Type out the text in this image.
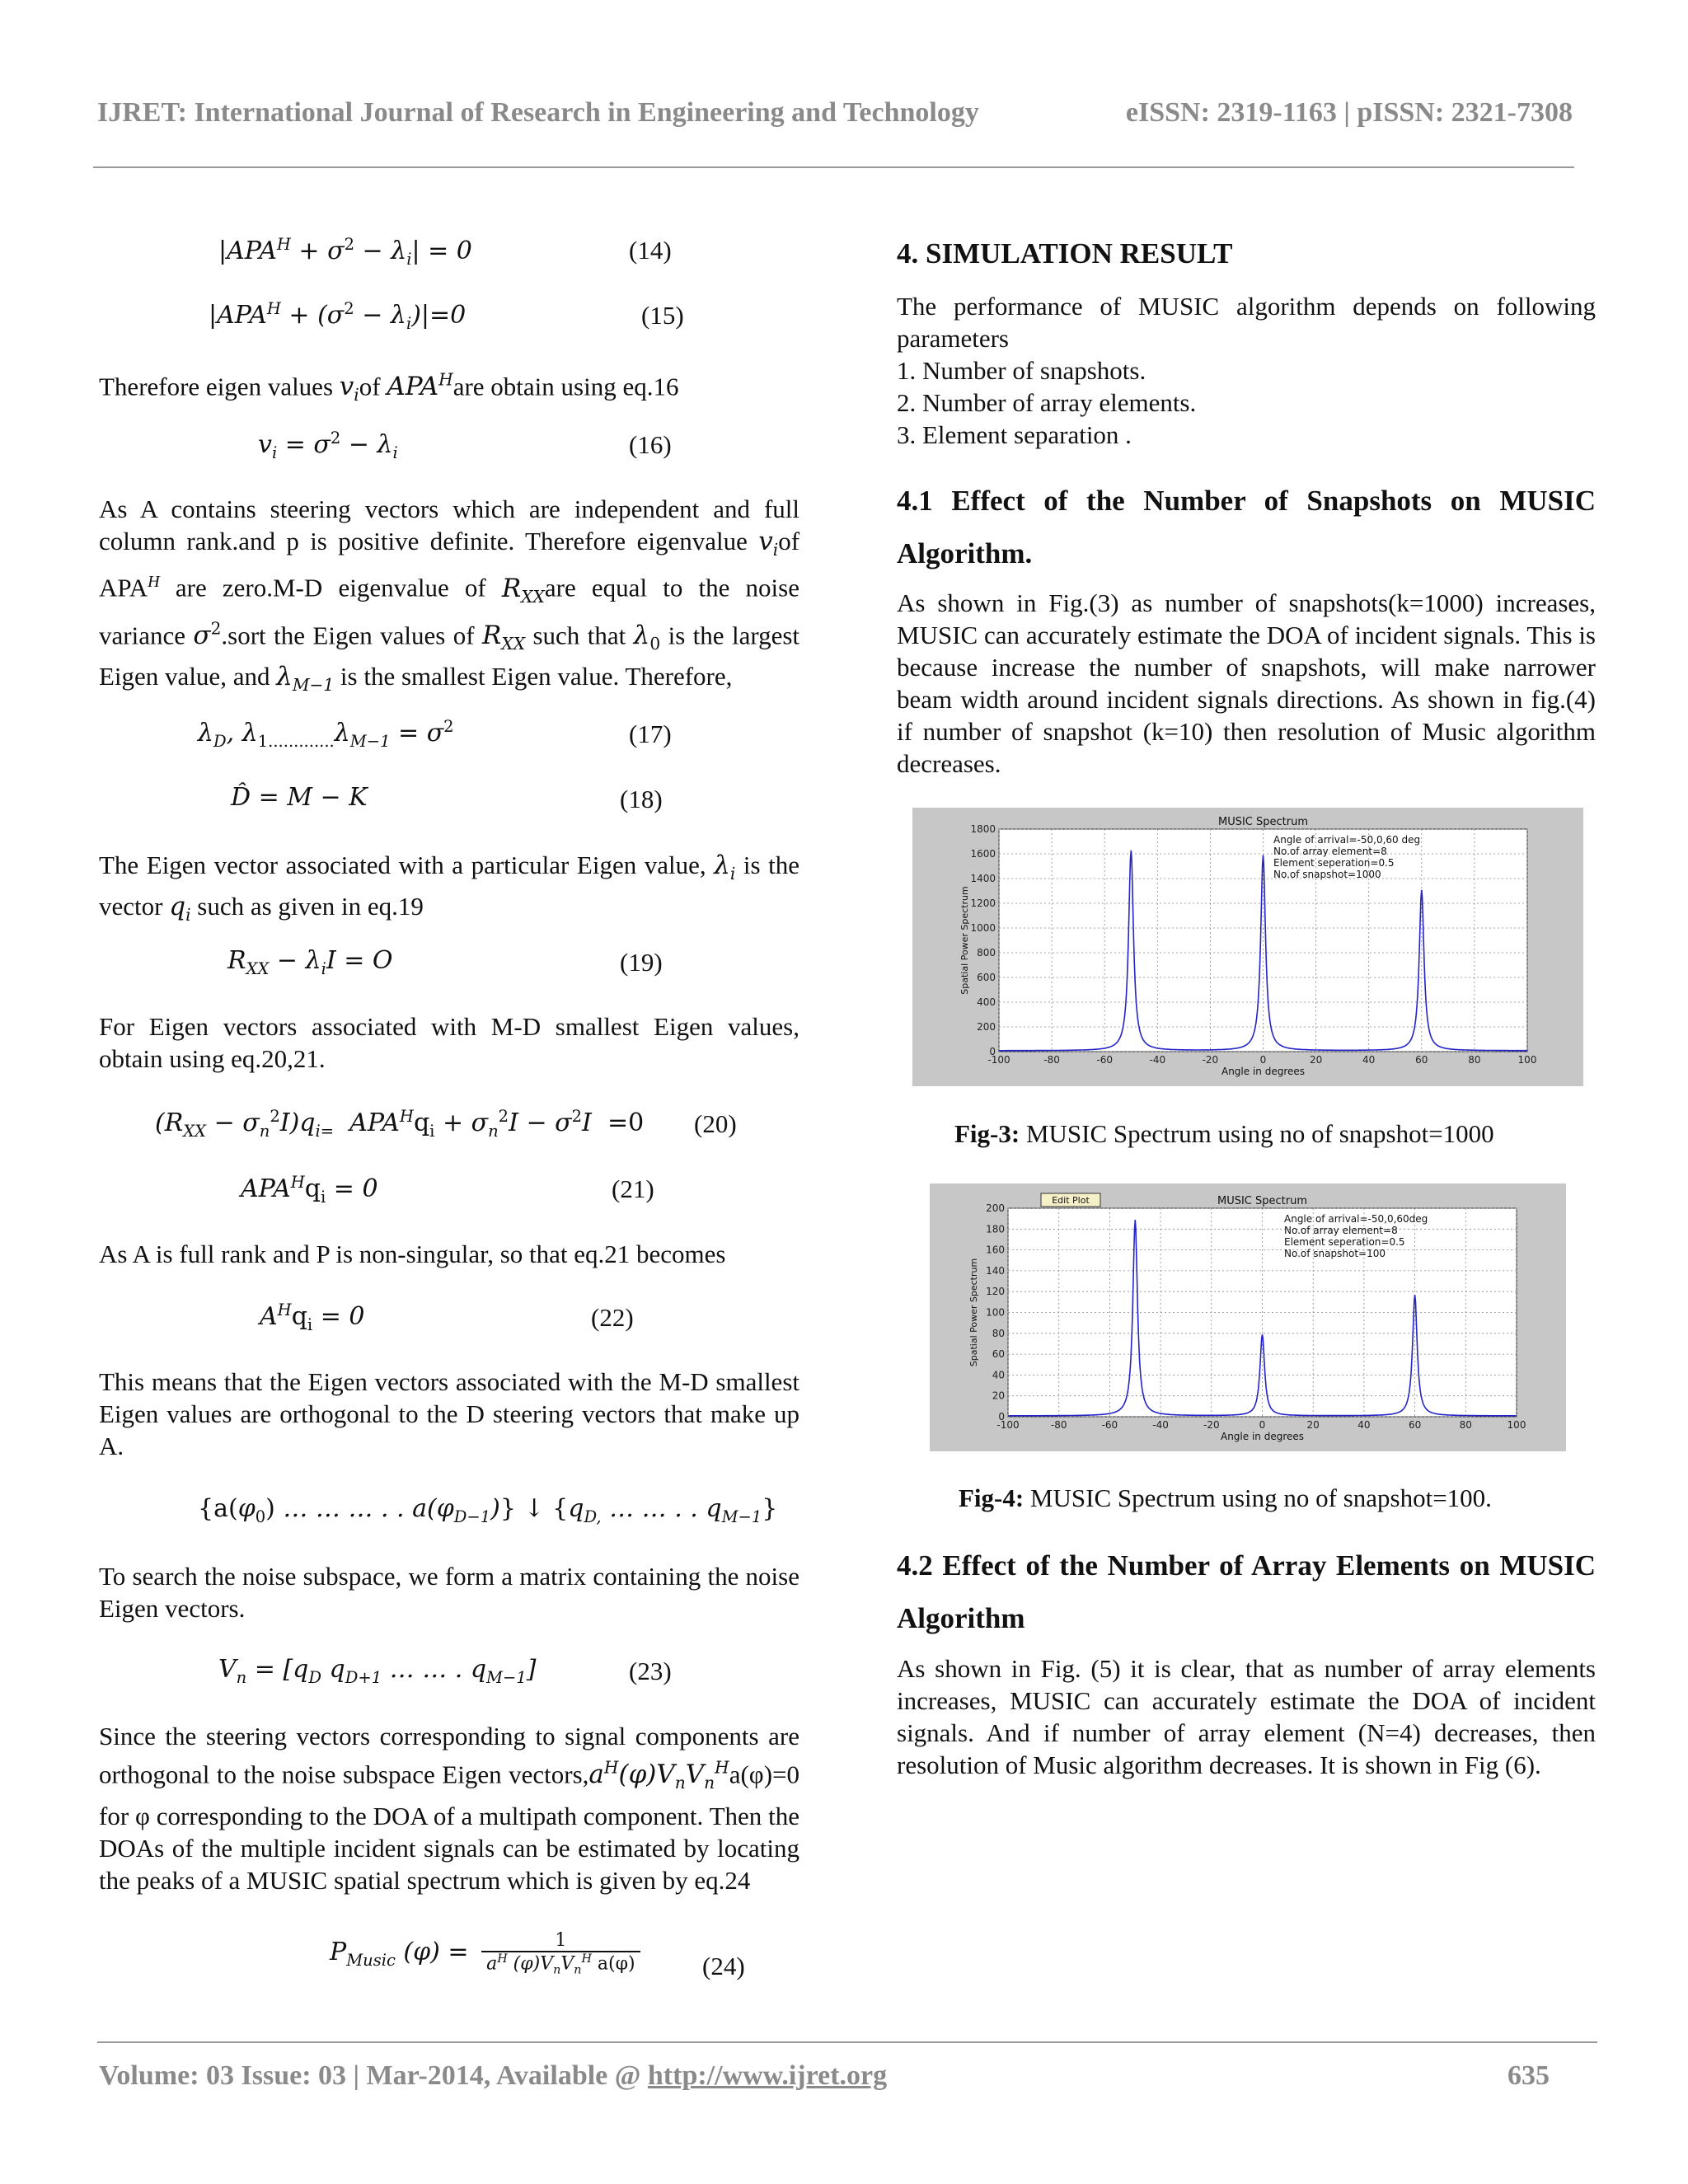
IJRET: International Journal of Research in Engineering and Technology	eISSN: 2319-1163 | pISSN: 2321-7308
$|APA^H + \sigma^2 - \lambda_i| = 0$	(14)
$|APA^H + (\sigma^2 - \lambda_i)|=0$	(15)
Therefore eigen values $v_iof$ $APA^Hare$ obtain using eq.16
$v_i = \sigma^2 - \lambda_i$	(16)

As A contains steering vectors which are independent and full column rank.and p is positive definite. Therefore eigenvalue $v_iof$ $APA^H$ are zero.M-D eigenvalue of $R_{XX}are$ equal to the noise variance $\sigma^2.sort$ the Eigen values of $R_{XX}$ such that $\lambda_0$ is the largest Eigen value, and $\lambda_{M-1}$ is the smallest Eigen value. Therefore,

$\lambda_D$, $\lambda_{1.............}\lambda_{M-1} = \sigma^2$	(17)
D̂ = M − K	(18)

The Eigen vector associated with a particular Eigen value, $\lambda_i$ is the vector $q_i$ such as given in eq.19

$R_{XX} - \lambda_iI = O$	(19)

For Eigen vectors associated with M-D smallest Eigen values, obtain using eq.20,21.

$(R_{XX} - \sigma_n^2I)q_{i=}$  $APA^Hq_i + \sigma_n^2I - \sigma^2I =0$ (20)
$APA^Hq_i = 0$	(21)

As A is full rank and P is non-singular, so that eq.21 becomes

$A^Hq_i = 0$	(22)

This means that the Eigen vectors associated with the M-D smallest Eigen values are orthogonal to the D steering vectors that make up A.

{$a(\varphi_0)$ … … … . . $a(\varphi_{D-1})$} ↓ {$q_{D,}$ … … . . $q_{M-1}$}

To search the noise subspace, we form a matrix containing the noise Eigen vectors.

$V_n = [q_D$ $q_{D+1}$ … … . $q_{M-1}$]	(23)

Since the steering vectors corresponding to signal components are orthogonal to the noise subspace Eigen $vectors,a^H(\varphi)V_nV_n^Ha(\varphi)=0$ for φ corresponding to the DOA of a multipath component. Then the DOAs of the multiple incident signals can be estimated by locating the peaks of a MUSIC spatial spectrum which is given by eq.24

$P_{Music}$ (φ) =	1
$a^H$ $(\varphi)V_nV_n^H$ a(φ)	(24)
4. SIMULATION RESULT

The performance of MUSIC algorithm depends on following parameters

1. Number of snapshots.
2. Number of array elements.
3. Element separation .

4.1 Effect of the Number of Snapshots on MUSIC Algorithm.

As shown in Fig.(3) as number of snapshots(k=1000) increases, MUSIC can accurately estimate the DOA of incident signals. This is because increase the number of snapshots, will make narrower beam width around incident signals directions. As shown in fig.(4) if number of snapshot (k=10) then resolution of Music algorithm decreases.

-100	-80	-60	-40	-20	0	20	40	60	80	100
0
200
400
600
800
1000
1200
1400
1600
1800
MUSIC Spectrum
Angle in degrees
Spatial Power Spectrum
Angle of arrival=-50,0,60 deg
No.of array element=8
Element seperation=0.5
No.of snapshot=1000
Fig-3: MUSIC Spectrum using no of snapshot=1000
-100	-80	-60	-40	-20	0	20	40	60	80	100
0
20
40
60
80
100
120
140
160
180
200
MUSIC Spectrum
Angle in degrees
Spatial Power Spectrum
Angle of arrival=-50,0,60deg
No.of array element=8
Element seperation=0.5
No.of snapshot=100
Edit Plot
Fig-4: MUSIC Spectrum using no of snapshot=100.

4.2 Effect of the Number of Array Elements on MUSIC Algorithm

As shown in Fig. (5) it is clear, that as number of array elements increases, MUSIC can accurately estimate the DOA of incident signals. And if number of array element (N=4) decreases, then resolution of Music algorithm decreases. It is shown in Fig (6).

Volume: 03 Issue: 03 | Mar-2014, Available @ http://www.ijret.org	635
